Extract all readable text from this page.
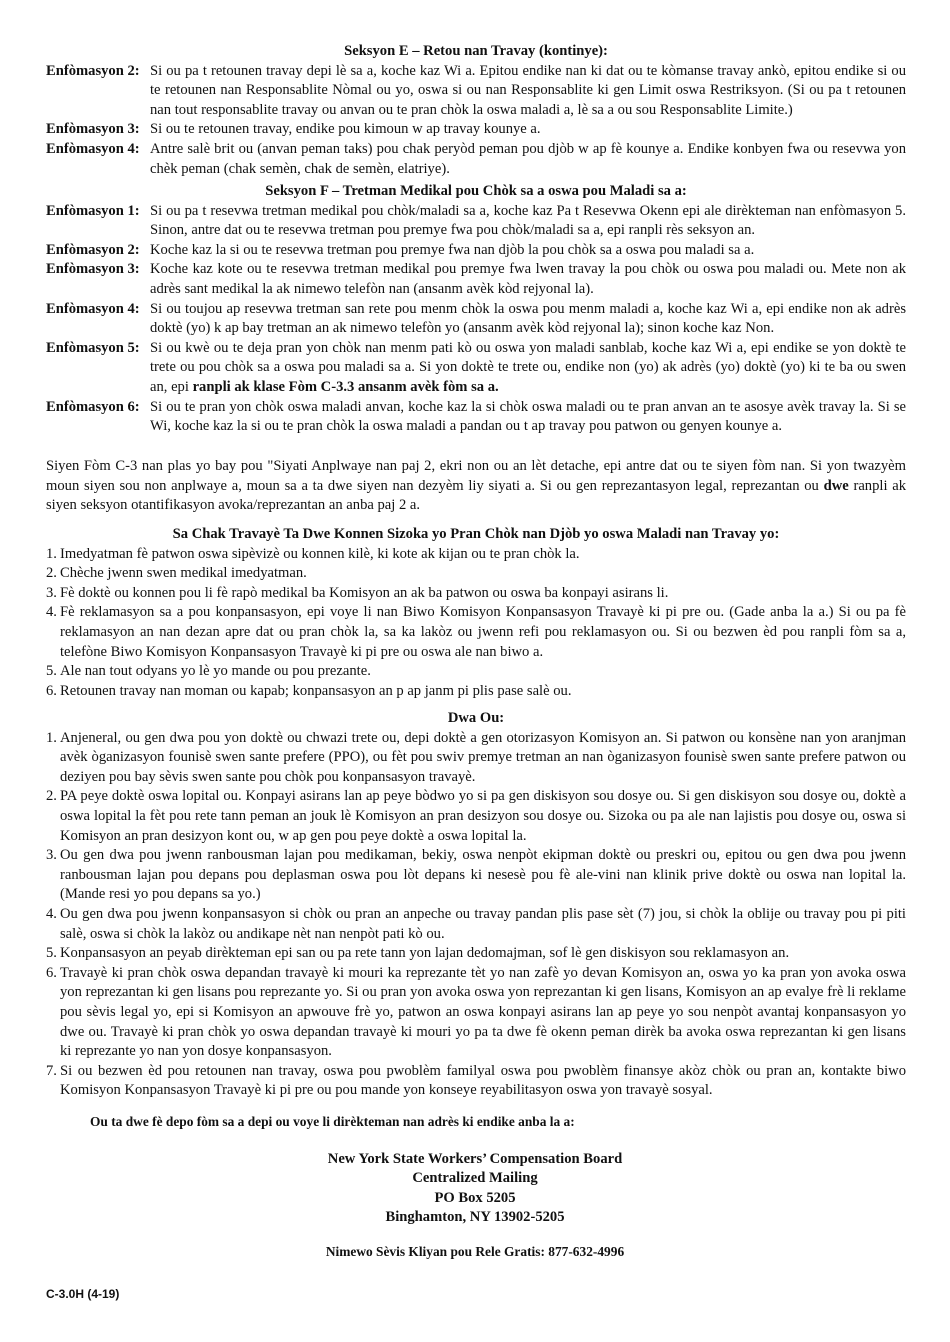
Seksyon E – Retou nan Travay (kontinye):

Enfòmasyon 2: Si ou pa t retounen travay depi lè sa a, koche kaz Wi a. Epitou endike nan ki dat ou te kòmanse travay ankò, epitou endike si ou te retounen nan Responsablite Nòmal ou yo, oswa si ou nan Responsablite ki gen Limit oswa Restriksyon. (Si ou pa t retounen nan tout responsablite travay ou anvan ou te pran chòk la oswa maladi a, lè sa a ou sou Responsablite Limite.)
Enfòmasyon 3: Si ou te retounen travay, endike pou kimoun w ap travay kounye a.
Enfòmasyon 4: Antre salè brit ou (anvan peman taks) pou chak peryòd peman pou djòb w ap fè kounye a. Endike konbyen fwa ou resevwa yon chèk peman (chak semèn, chak de semèn, elatriye).

Seksyon F – Tretman Medikal pou Chòk sa a oswa pou Maladi sa a:

Enfòmasyon 1: Si ou pa t resevwa tretman medikal pou chòk/maladi sa a, koche kaz Pa t Resevwa Okenn epi ale dirèkteman nan enfòmasyon 5. Sinon, antre dat ou te resevwa tretman pou premye fwa pou chòk/maladi sa a, epi ranpli rès seksyon an.
Enfòmasyon 2: Koche kaz la si ou te resevwa tretman pou premye fwa nan djòb la pou chòk sa a oswa pou maladi sa a.
Enfòmasyon 3: Koche kaz kote ou te resevwa tretman medikal pou premye fwa lwen travay la pou chòk ou oswa pou maladi ou. Mete non ak adrès sant medikal la ak nimewo telefòn nan (ansanm avèk kòd rejyonal la).
Enfòmasyon 4: Si ou toujou ap resevwa tretman san rete pou menm chòk la oswa pou menm maladi a, koche kaz Wi a, epi endike non ak adrès doktè (yo) k ap bay tretman an ak nimewo telefòn yo (ansanm avèk kòd rejyonal la); sinon koche kaz Non.
Enfòmasyon 5: Si ou kwè ou te deja pran yon chòk nan menm pati kò ou oswa yon maladi sanblab, koche kaz Wi a, epi endike se yon doktè te trete ou pou chòk sa a oswa pou maladi sa a. Si yon doktè te trete ou, endike non (yo) ak adrès (yo) doktè (yo) ki te ba ou swen an, epi ranpli ak klase Fòm C-3.3 ansanm avèk fòm sa a.
Enfòmasyon 6: Si ou te pran yon chòk oswa maladi anvan, koche kaz la si chòk oswa maladi ou te pran anvan an te asosye avèk travay la. Si se Wi, koche kaz la si ou te pran chòk la oswa maladi a pandan ou t ap travay pou patwon ou genyen kounye a.

Siyen Fòm C-3 nan plas yo bay pou "Siyati Anplwaye nan paj 2, ekri non ou an lèt detache, epi antre dat ou te siyen fòm nan. Si yon twazyèm moun siyen sou non anplwaye a, moun sa a ta dwe siyen nan dezyèm liy siyati a. Si ou gen reprezantasyon legal, reprezantan ou dwe ranpli ak siyen seksyon otantifikasyon avoka/reprezantan an anba paj 2 a.

Sa Chak Travayè Ta Dwe Konnen Sizoka yo Pran Chòk nan Djòb yo oswa Maladi nan Travay yo:

1. Imedyatman fè patwon oswa sipèvizè ou konnen kilè, ki kote ak kijan ou te pran chòk la.
2. Chèche jwenn swen medikal imedyatman.
3. Fè doktè ou konnen pou li fè rapò medikal ba Komisyon an ak ba patwon ou oswa ba konpayi asirans li.
4. Fè reklamasyon sa a pou konpansasyon, epi voye li nan Biwo Komisyon Konpansasyon Travayè ki pi pre ou. (Gade anba la a.) Si ou pa fè reklamasyon an nan dezan apre dat ou pran chòk la, sa ka lakòz ou jwenn refi pou reklamasyon ou. Si ou bezwen èd pou ranpli fòm sa a, telefòne Biwo Komisyon Konpansasyon Travayè ki pi pre ou oswa ale nan biwo a.
5. Ale nan tout odyans yo lè yo mande ou pou prezante.
6. Retounen travay nan moman ou kapab; konpansasyon an p ap janm pi plis pase salè ou.

Dwa Ou:

1. Anjeneral, ou gen dwa pou yon doktè ou chwazi trete ou, depi doktè a gen otorizasyon Komisyon an. Si patwon ou konsène nan yon aranjman avèk òganizasyon founisè swen sante prefere (PPO), ou fèt pou swiv premye tretman an nan òganizasyon founisè swen sante prefere patwon ou deziyen pou bay sèvis swen sante pou chòk pou konpansasyon travayè.
2. PA peye doktè oswa lopital ou. Konpayi asirans lan ap peye bòdwo yo si pa gen diskisyon sou dosye ou. Si gen diskisyon sou dosye ou, doktè a oswa lopital la fèt pou rete tann peman an jouk lè Komisyon an pran desizyon sou dosye ou. Sizoka ou pa ale nan lajistis pou dosye ou, oswa si Komisyon an pran desizyon kont ou, w ap gen pou peye doktè a oswa lopital la.
3. Ou gen dwa pou jwenn ranbousman lajan pou medikaman, bekiy, oswa nenpòt ekipman doktè ou preskri ou, epitou ou gen dwa pou jwenn ranbousman lajan pou depans pou deplasman oswa pou lòt depans ki nesesè pou fè ale-vini nan klinik prive doktè ou oswa nan lopital la. (Mande resi yo pou depans sa yo.)
4. Ou gen dwa pou jwenn konpansasyon si chòk ou pran an anpeche ou travay pandan plis pase sèt (7) jou, si chòk la oblije ou travay pou pi piti salè, oswa si chòk la lakòz ou andikape nèt nan nenpòt pati kò ou.
5. Konpansasyon an peyab dirèkteman epi san ou pa rete tann yon lajan dedomajman, sof lè gen diskisyon sou reklamasyon an.
6. Travayè ki pran chòk oswa depandan travayè ki mouri ka reprezante tèt yo nan zafè yo devan Komisyon an, oswa yo ka pran yon avoka oswa yon reprezantan ki gen lisans pou reprezante yo. Si ou pran yon avoka oswa yon reprezantan ki gen lisans, Komisyon an ap evalye frè li reklame pou sèvis legal yo, epi si Komisyon an apwouve frè yo, patwon an oswa konpayi asirans lan ap peye yo sou nenpòt avantaj konpansasyon yo dwe ou. Travayè ki pran chòk yo oswa depandan travayè ki mouri yo pa ta dwe fè okenn peman dirèk ba avoka oswa reprezantan ki gen lisans ki reprezante yo nan yon dosye konpansasyon.
7. Si ou bezwen èd pou retounen nan travay, oswa pou pwoblèm familyal oswa pou pwoblèm finansye akòz chòk ou pran an, kontakte biwo Komisyon Konpansasyon Travayè ki pi pre ou pou mande yon konseye reyabilitasyon oswa yon travayè sosyal.

Ou ta dwe fè depo fòm sa a depi ou voye li dirèkteman nan adrès ki endike anba la a:

New York State Workers’ Compensation Board
Centralized Mailing
PO Box 5205
Binghamton, NY 13902-5205
Nimewo Sèvis Kliyan pou Rele Gratis: 877-632-4996
C-3.0H (4-19)
